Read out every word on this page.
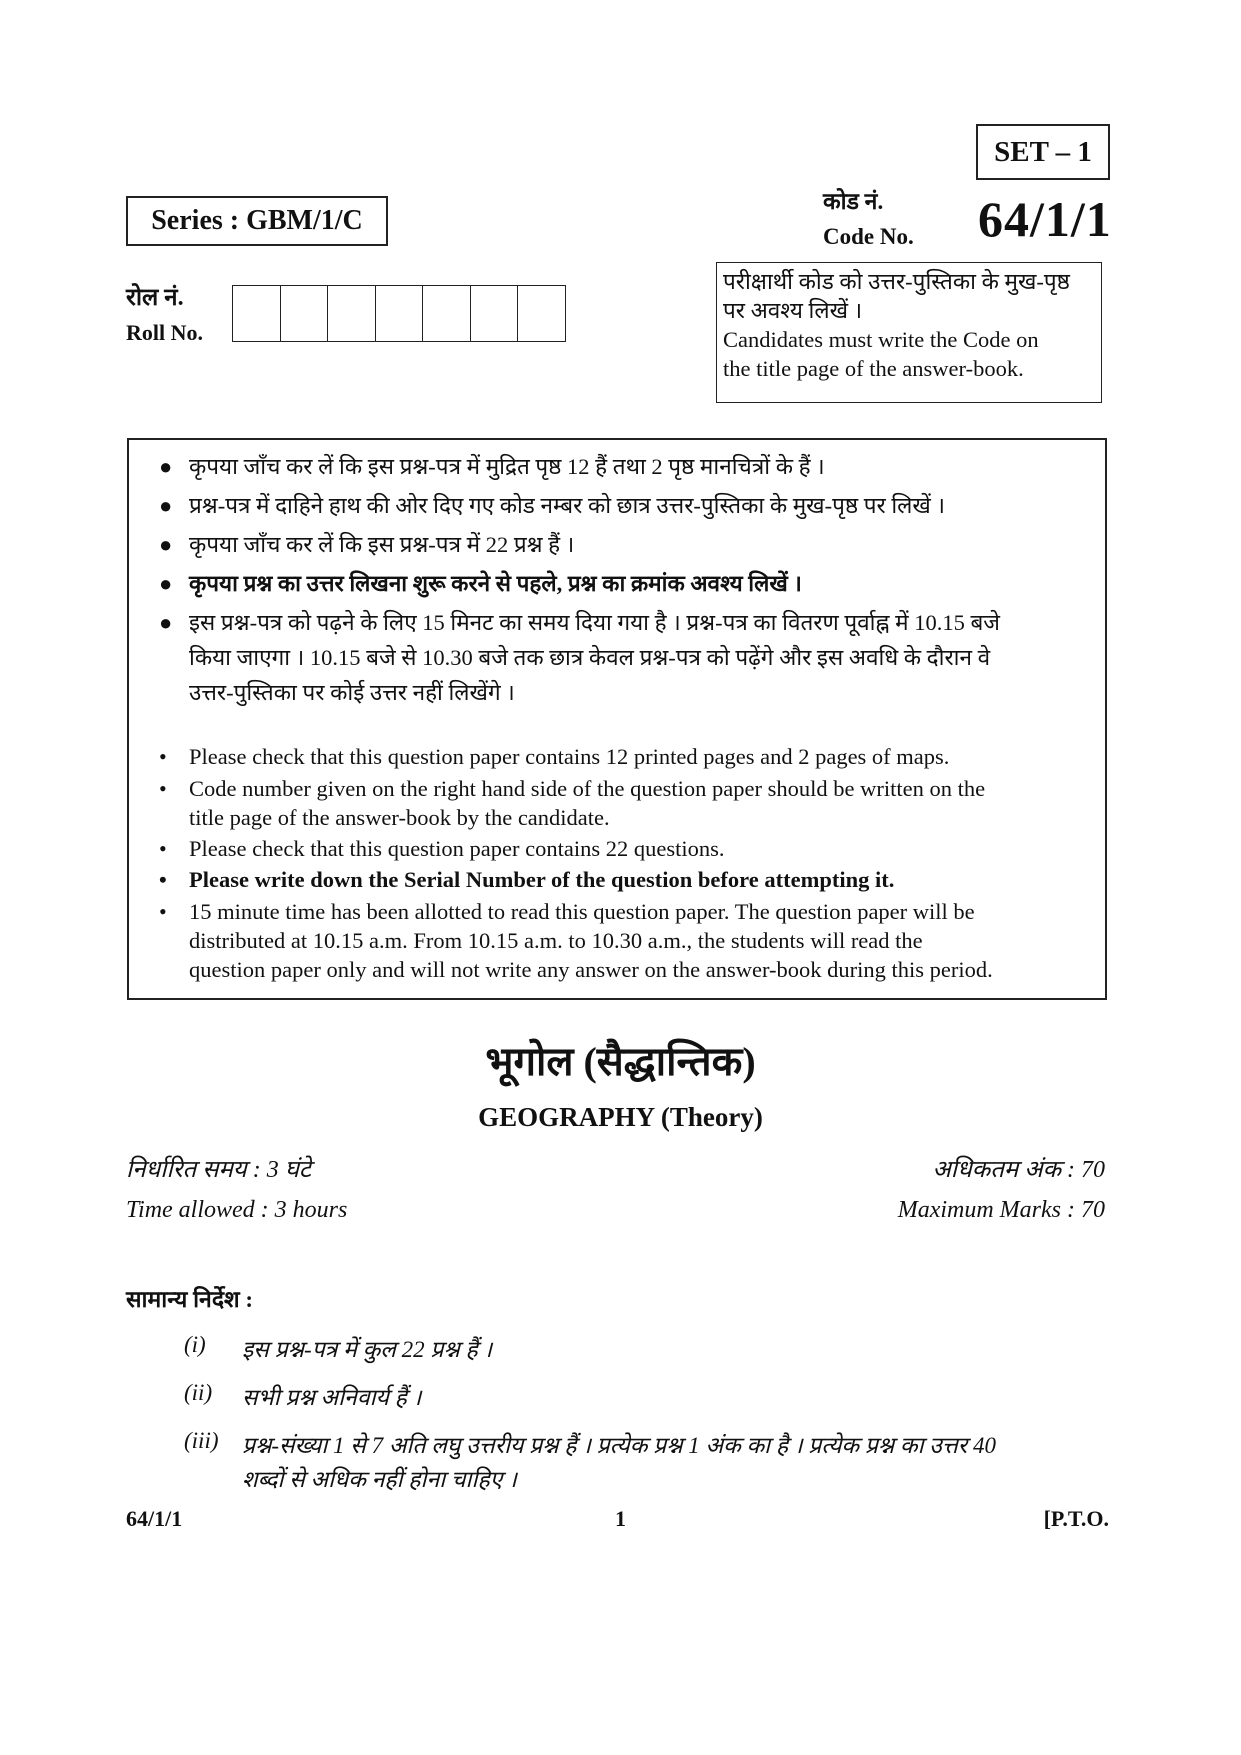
SET – 1
Series : GBM/1/C
कोड नं.
Code No. 64/1/1
रोल नं.
Roll No.
परीक्षार्थी कोड को उत्तर-पुस्तिका के मुख-पृष्ठ
पर अवश्य लिखें ।
Candidates must write the Code on
the title page of the answer-book.
● कृपया जाँच कर लें कि इस प्रश्न-पत्र में मुद्रित पृष्ठ 12 हैं तथा 2 पृष्ठ मानचित्रों के हैं ।
● प्रश्न-पत्र में दाहिने हाथ की ओर दिए गए कोड नम्बर को छात्र उत्तर-पुस्तिका के मुख-पृष्ठ पर लिखें ।
● कृपया जाँच कर लें कि इस प्रश्न-पत्र में 22 प्रश्न हैं ।
● कृपया प्रश्न का उत्तर लिखना शुरू करने से पहले, प्रश्न का क्रमांक अवश्य लिखें ।
● इस प्रश्न-पत्र को पढ़ने के लिए 15 मिनट का समय दिया गया है । प्रश्न-पत्र का वितरण पूर्वाह्न में 10.15 बजे
किया जाएगा । 10.15 बजे से 10.30 बजे तक छात्र केवल प्रश्न-पत्र को पढ़ेंगे और इस अवधि के दौरान वे
उत्तर-पुस्तिका पर कोई उत्तर नहीं लिखेंगे ।
• Please check that this question paper contains 12 printed pages and 2 pages of maps.
• Code number given on the right hand side of the question paper should be written on the
title page of the answer-book by the candidate.
• Please check that this question paper contains 22 questions.
• Please write down the Serial Number of the question before attempting it.
• 15 minute time has been allotted to read this question paper. The question paper will be
distributed at 10.15 a.m. From 10.15 a.m. to 10.30 a.m., the students will read the
question paper only and will not write any answer on the answer-book during this period.
भूगोल (सैद्धान्तिक)
GEOGRAPHY (Theory)
निर्धारित समय : 3 घंटे
Time allowed : 3 hours
अधिकतम अंक : 70
Maximum Marks : 70
सामान्य निर्देश :
(i) इस प्रश्न-पत्र में कुल 22 प्रश्न हैं ।
(ii) सभी प्रश्न अनिवार्य हैं ।
(iii) प्रश्न-संख्या 1 से 7 अति लघु उत्तरीय प्रश्न हैं । प्रत्येक प्रश्न 1 अंक का है । प्रत्येक प्रश्न का उत्तर 40
शब्दों से अधिक नहीं होना चाहिए ।
64/1/1	1	[P.T.O.
